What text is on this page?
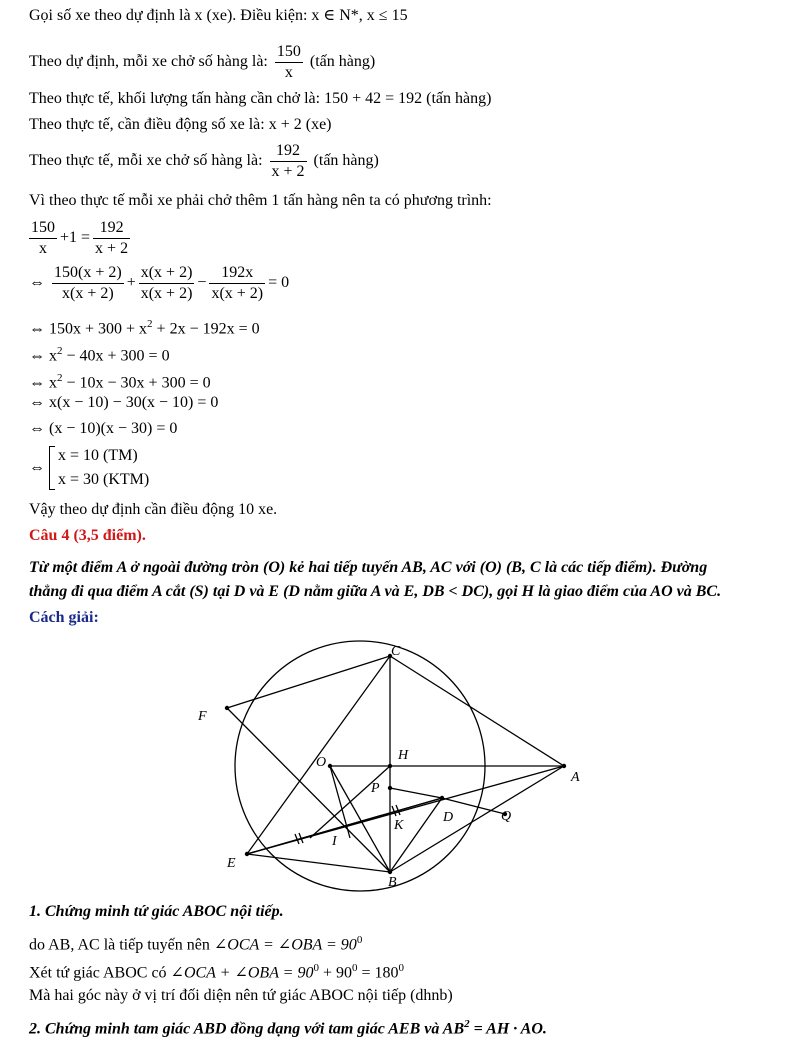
Gọi số xe theo dự định là x (xe). Điều kiện: x ∈ N*, x ≤ 15
Theo dự định, mỗi xe chở số hàng là: $\frac{150}{x}$ (tấn hàng)
Theo thực tế, khối lượng tấn hàng cần chở là: 150 + 42 = 192 (tấn hàng)
Theo thực tế, cần điều động số xe là: x + 2 (xe)
Theo thực tế, mỗi xe chở số hàng là: $\frac{192}{x + 2}$ (tấn hàng)
Vì theo thực tế mỗi xe phải chở thêm 1 tấn hàng nên ta có phương trình:
$\frac{150}{x} +1 = \frac{192}{x + 2}$
⇔ $\frac{150(x + 2)}{x(x + 2)} + \frac{x(x + 2)}{x(x + 2)} - \frac{192x}{x(x + 2)} = 0$
⇔ $150x + 300 + x^2 + 2x - 192x = 0$
⇔ $x^2 - 40x + 300 = 0$
⇔ $x^2 - 10x - 30x + 300 = 0$
⇔ x(x − 10) − 30(x − 10) = 0
⇔ (x − 10)(x − 30) = 0
⇔ x = 10 (TM)
x = 30 (KTM)
Vậy theo dự định cần điều động 10 xe.
Câu 4 (3,5 điểm).
Từ một điểm A ở ngoài đường tròn (O) kẻ hai tiếp tuyến AB, AC với (O) (B, C là các tiếp điểm). Đường
thẳng đi qua điểm A cắt (S) tại D và E (D nằm giữa A và E, DB < DC), gọi H là giao điểm của AO và BC.
Cách giải:
C
F
O	H
A
P
K
D	Q
I
E
B
1. Chứng minh tứ giác ABOC nội tiếp.
do AB, AC là tiếp tuyến nên ∠OCA = ∠OBA = $90^0$
Xét tứ giác ABOC có ∠OCA + ∠OBA = $90^0 + 90^0 = 180^0$
Mà hai góc này ở vị trí đối diện nên tứ giác ABOC nội tiếp (dhnb)
2. Chứng minh tam giác ABD đồng dạng với tam giác AEB và $AB^2$ = AH · AO.
